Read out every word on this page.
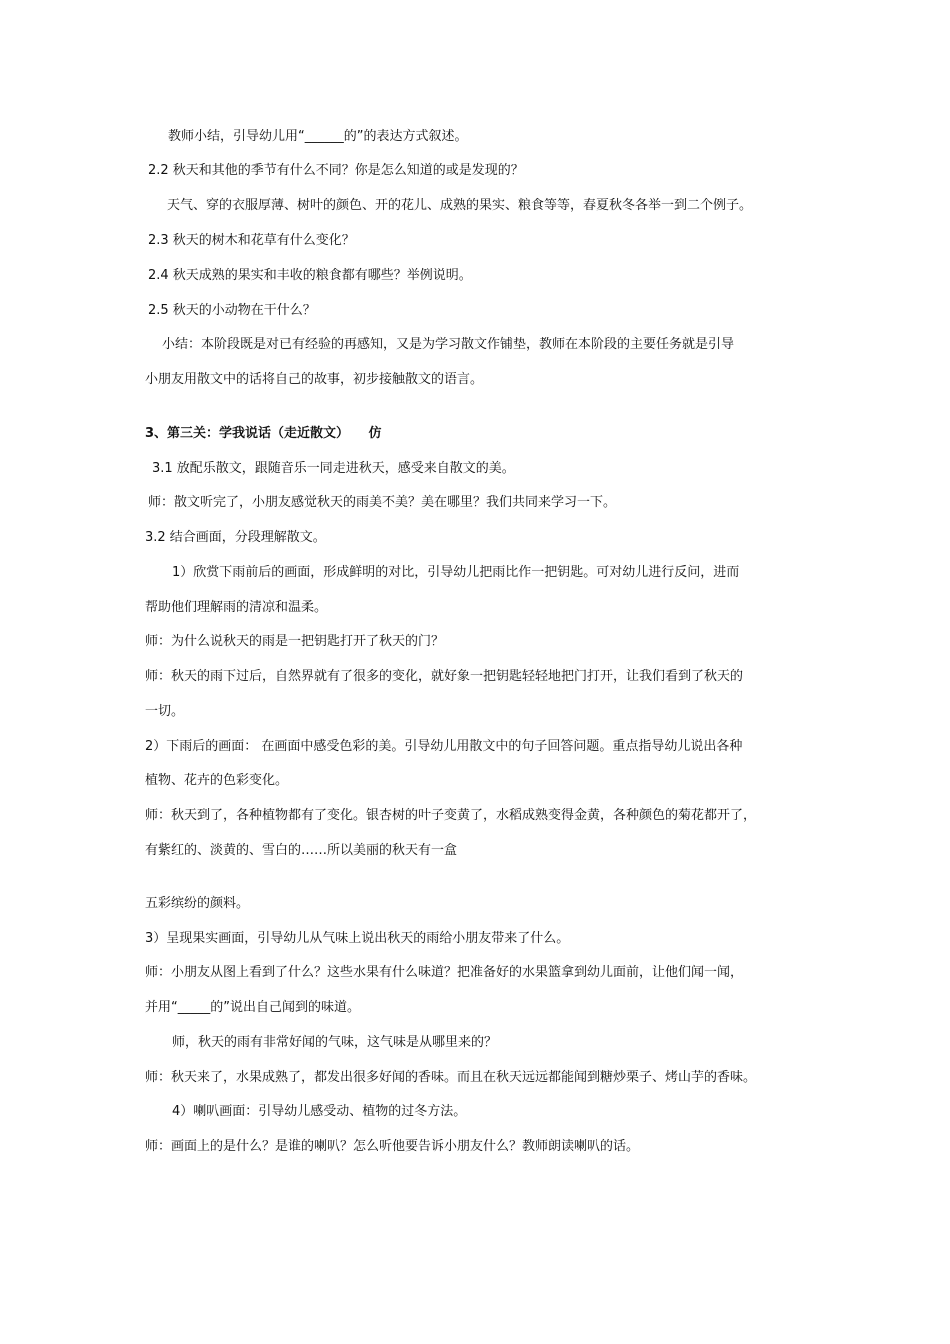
教师小结，引导幼儿用“______的”的表达方式叙述。

2.2 秋天和其他的季节有什么不同？你是怎么知道的或是发现的？

天气、穿的衣服厚薄、树叶的颜色、开的花儿、成熟的果实、粮食等等，春夏秋冬各举一到二个例子。

2.3 秋天的树木和花草有什么变化？

2.4 秋天成熟的果实和丰收的粮食都有哪些？举例说明。

2.5 秋天的小动物在干什么？

小结：本阶段既是对已有经验的再感知，又是为学习散文作铺垫，教师在本阶段的主要任务就是引导

小朋友用散文中的话将自己的故事，初步接触散文的语言。

3、第三关：学我说话（走近散文）　　仿

3.1 放配乐散文，跟随音乐一同走进秋天，感受来自散文的美。

师：散文听完了，小朋友感觉秋天的雨美不美？美在哪里？我们共同来学习一下。

3.2 结合画面，分段理解散文。

1）欣赏下雨前后的画面，形成鲜明的对比，引导幼儿把雨比作一把钥匙。可对幼儿进行反问，进而

帮助他们理解雨的清凉和温柔。

师：为什么说秋天的雨是一把钥匙打开了秋天的门？

师：秋天的雨下过后，自然界就有了很多的变化，就好象一把钥匙轻轻地把门打开，让我们看到了秋天的

一切。

2）下雨后的画面： 在画面中感受色彩的美。引导幼儿用散文中的句子回答问题。重点指导幼儿说出各种

植物、花卉的色彩变化。

师：秋天到了，各种植物都有了变化。银杏树的叶子变黄了，水稻成熟变得金黄，各种颜色的菊花都开了，

有紫红的、淡黄的、雪白的……所以美丽的秋天有一盒

五彩缤纷的颜料。

3）呈现果实画面，引导幼儿从气味上说出秋天的雨给小朋友带来了什么。

师：小朋友从图上看到了什么？这些水果有什么味道？把准备好的水果篮拿到幼儿面前，让他们闻一闻，

并用“_____的”说出自己闻到的味道。

师，秋天的雨有非常好闻的气味，这气味是从哪里来的？

师：秋天来了，水果成熟了，都发出很多好闻的香味。而且在秋天远远都能闻到糖炒栗子、烤山芋的香味。

4）喇叭画面：引导幼儿感受动、植物的过冬方法。

师：画面上的是什么？是谁的喇叭？怎么听他要告诉小朋友什么？教师朗读喇叭的话。
